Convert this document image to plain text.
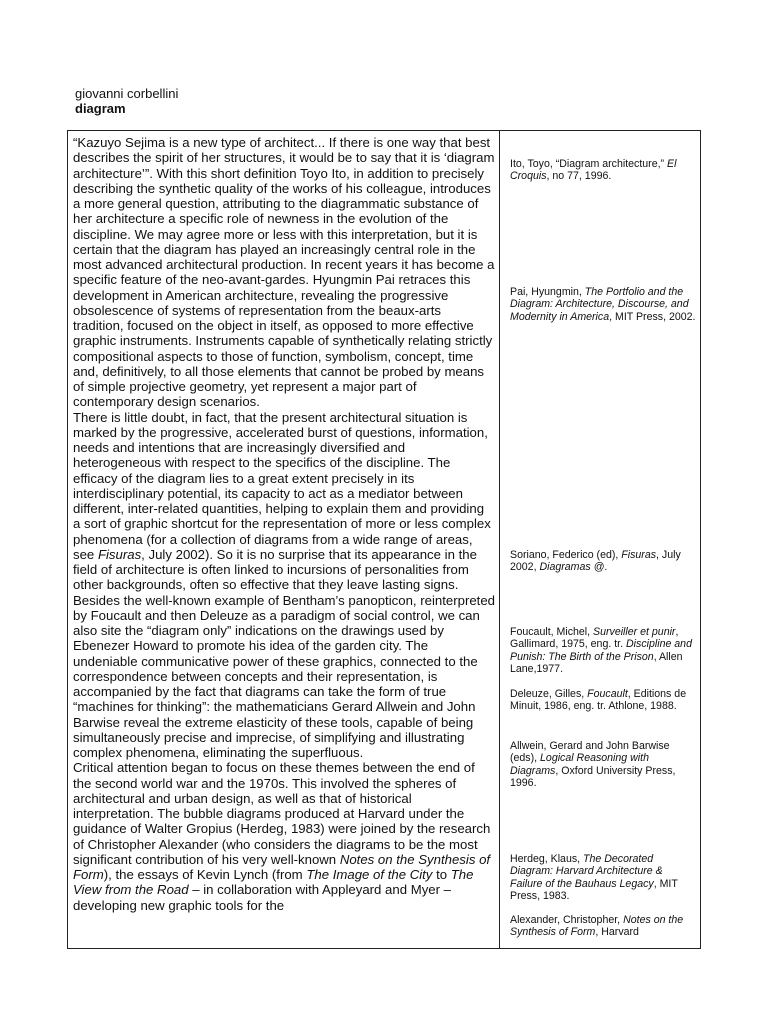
giovanni corbellini
diagram

“Kazuyo Sejima is a new type of architect... If there is one way that best describes the spirit of her structures, it would be to say that it is ‘diagram architecture’”. With this short definition Toyo Ito, in addition to precisely describing the synthetic quality of the works of his colleague, introduces a more general question, attributing to the diagrammatic substance of her architecture a specific role of newness in the evolution of the discipline. We may agree more or less with this interpretation, but it is certain that the diagram has played an increasingly central role in the most advanced architectural production. In recent years it has become a specific feature of the neo-avant-gardes. Hyungmin Pai retraces this development in American architecture, revealing the progressive obsolescence of systems of representation from the beaux-arts tradition, focused on the object in itself, as opposed to more effective graphic instruments. Instruments capable of synthetically relating strictly compositional aspects to those of function, symbolism, concept, time and, definitively, to all those elements that cannot be probed by means of simple projective geometry, yet represent a major part of contemporary design scenarios.

There is little doubt, in fact, that the present architectural situation is marked by the progressive, accelerated burst of questions, information, needs and intentions that are increasingly diversified and heterogeneous with respect to the specifics of the discipline. The efficacy of the diagram lies to a great extent precisely in its interdisciplinary potential, its capacity to act as a mediator between different, inter-related quantities, helping to explain them and providing a sort of graphic shortcut for the representation of more or less complex phenomena (for a collection of diagrams from a wide range of areas, see Fisuras, July 2002). So it is no surprise that its appearance in the field of architecture is often linked to incursions of personalities from other backgrounds, often so effective that they leave lasting signs. Besides the well-known example of Bentham’s panopticon, reinterpreted by Foucault and then Deleuze as a paradigm of social control, we can also site the “diagram only” indications on the drawings used by Ebenezer Howard to promote his idea of the garden city. The undeniable communicative power of these graphics, connected to the correspondence between concepts and their representation, is accompanied by the fact that diagrams can take the form of true “machines for thinking”: the mathematicians Gerard Allwein and John Barwise reveal the extreme elasticity of these tools, capable of being simultaneously precise and imprecise, of simplifying and illustrating complex phenomena, eliminating the superfluous.

Critical attention began to focus on these themes between the end of the second world war and the 1970s. This involved the spheres of architectural and urban design, as well as that of historical interpretation. The bubble diagrams produced at Harvard under the guidance of Walter Gropius (Herdeg, 1983) were joined by the research of Christopher Alexander (who considers the diagrams to be the most significant contribution of his very well-known Notes on the Synthesis of Form), the essays of Kevin Lynch (from The Image of the City to The View from the Road – in collaboration with Appleyard and Myer – developing new graphic tools for the

Ito, Toyo, “Diagram architecture,” El Croquis, no 77, 1996.
Pai, Hyungmin, The Portfolio and the Diagram: Architecture, Discourse, and Modernity in America, MIT Press, 2002.
Soriano, Federico (ed), Fisuras, July 2002, Diagramas @.
Foucault, Michel, Surveiller et punir, Gallimard, 1975, eng. tr. Discipline and Punish: The Birth of the Prison, Allen Lane,1977.
Deleuze, Gilles, Foucault, Editions de Minuit, 1986, eng. tr. Athlone, 1988.
Allwein, Gerard and John Barwise (eds), Logical Reasoning with Diagrams, Oxford University Press, 1996.
Herdeg, Klaus, The Decorated Diagram: Harvard Architecture & Failure of the Bauhaus Legacy, MIT Press, 1983.
Alexander, Christopher, Notes on the Synthesis of Form, Harvard
